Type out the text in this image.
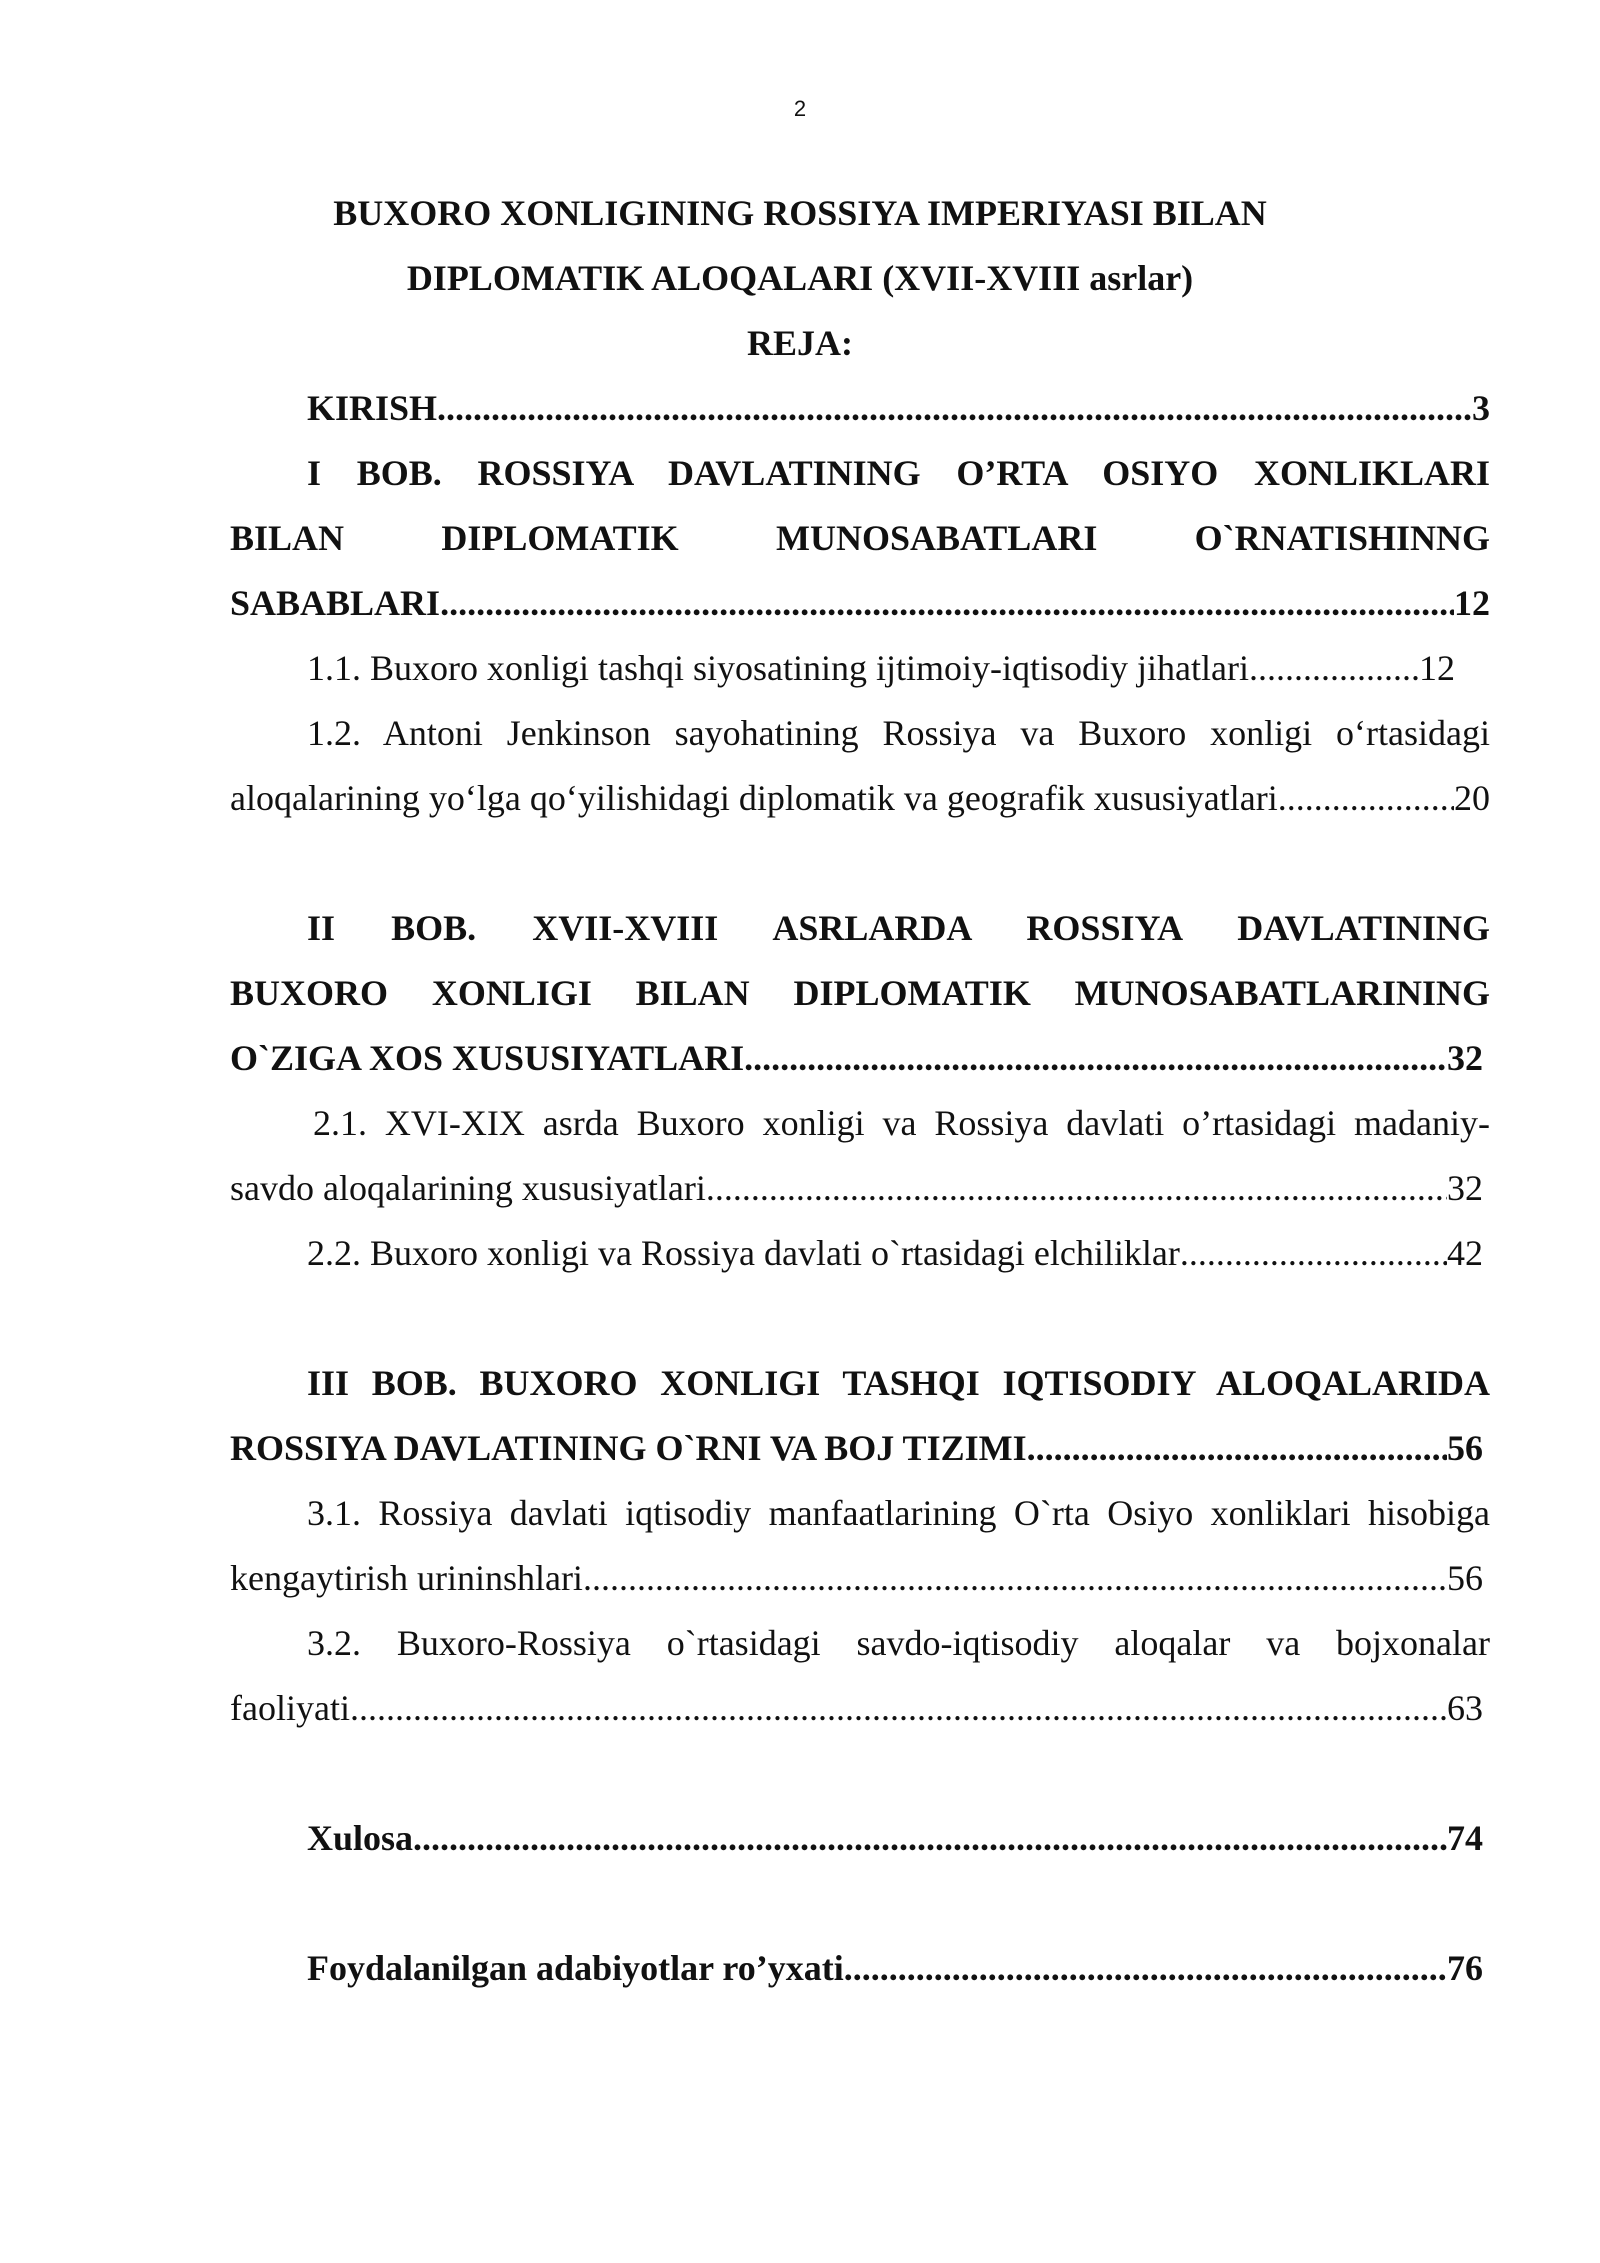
2
BUXORO XONLIGINING ROSSIYA IMPERIYASI BILAN
DIPLOMATIK ALOQALARI (XVII-XVIII asrlar)
REJA:
KIRISH .....	3
I BOB. ROSSIYA DAVLATINING O’RTA OSIYO XONLIKLARI
BILAN DIPLOMATIK MUNOSABATLARI O`RNATISHINNG
SABABLARI .....	12
1.1. Buxoro xonligi tashqi siyosatining ijtimoiy-iqtisodiy jihatlari .....	12
1.2. Antoni Jenkinson sayohatining Rossiya va Buxoro xonligi o‘rtasidagi
aloqalarining yo‘lga qo‘yilishidagi diplomatik va geografik xususiyatlari .....	20
II BOB. XVII-XVIII ASRLARDA ROSSIYA DAVLATINING
BUXORO XONLIGI BILAN DIPLOMATIK MUNOSABATLARINING
O`ZIGA XOS XUSUSIYATLARI .....	32
2.1. XVI-XIX asrda Buxoro xonligi va Rossiya davlati o’rtasidagi madaniy-
savdo aloqalarining xususiyatlari .....	32
2.2. Buxoro xonligi va Rossiya davlati o`rtasidagi elchiliklar .....	42
III BOB. BUXORO XONLIGI TASHQI IQTISODIY ALOQALARIDA
ROSSIYA DAVLATINING O`RNI VA BOJ TIZIMI .....	56
3.1. Rossiya davlati iqtisodiy manfaatlarining O`rta Osiyo xonliklari hisobiga
kengaytirish urininshlari .....	56
3.2. Buxoro-Rossiya o`rtasidagi savdo-iqtisodiy aloqalar va bojxonalar
faoliyati .....	63
Xulosa .....	74
Foydalanilgan adabiyotlar ro’yxati .....	76
